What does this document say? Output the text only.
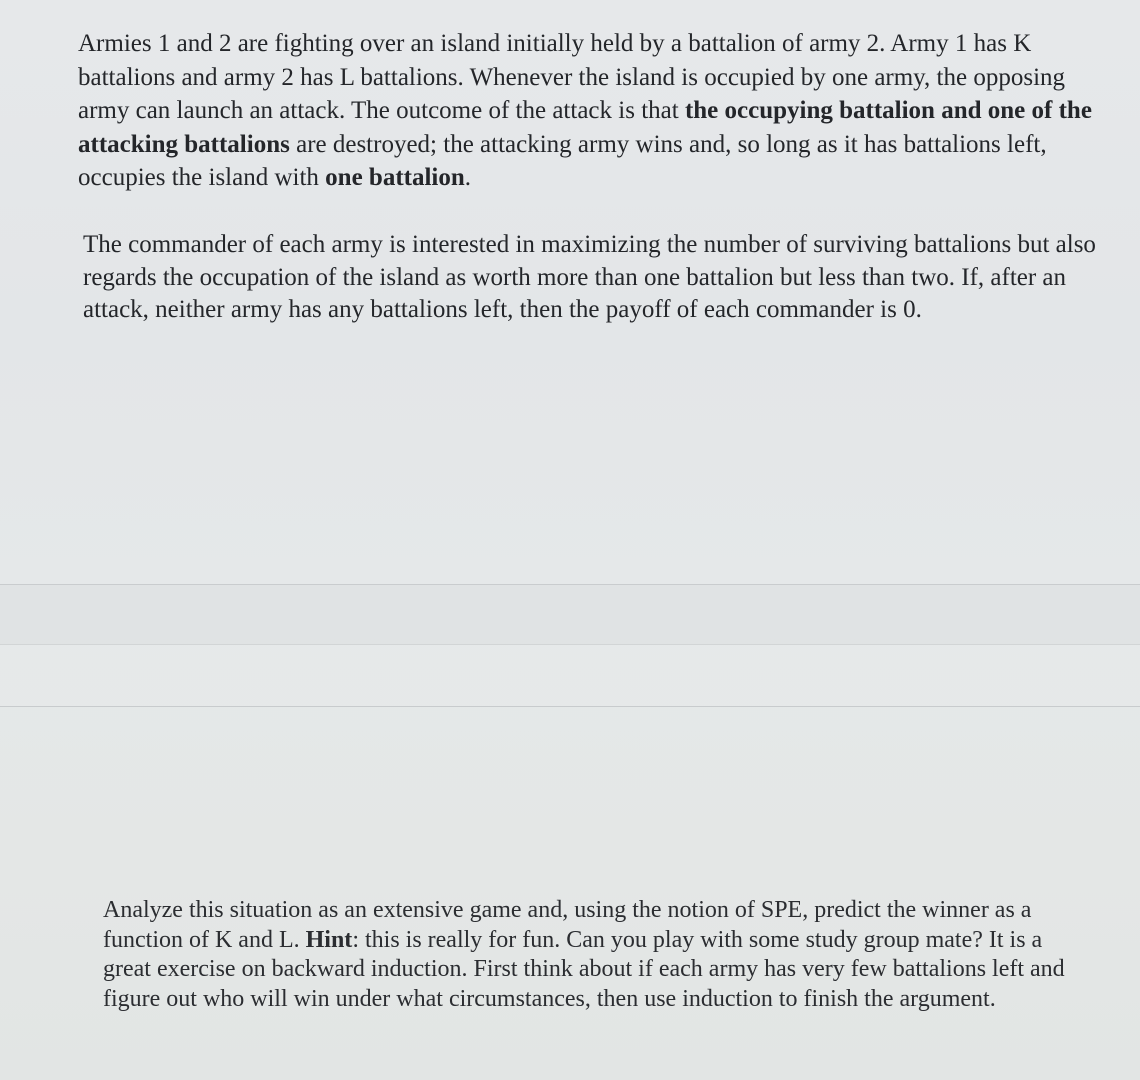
Armies 1 and 2 are fighting over an island initially held by a battalion of army 2. Army 1 has K battalions and army 2 has L battalions. Whenever the island is occupied by one army, the opposing army can launch an attack. The outcome of the attack is that the occupying battalion and one of the attacking battalions are destroyed; the attacking army wins and, so long as it has battalions left, occupies the island with one battalion.

The commander of each army is interested in maximizing the number of surviving battalions but also regards the occupation of the island as worth more than one battalion but less than two. If, after an attack, neither army has any battalions left, then the payoff of each commander is 0.

Analyze this situation as an extensive game and, using the notion of SPE, predict the winner as a function of K and L. Hint: this is really for fun. Can you play with some study group mate? It is a great exercise on backward induction. First think about if each army has very few battalions left and figure out who will win under what circumstances, then use induction to finish the argument.
